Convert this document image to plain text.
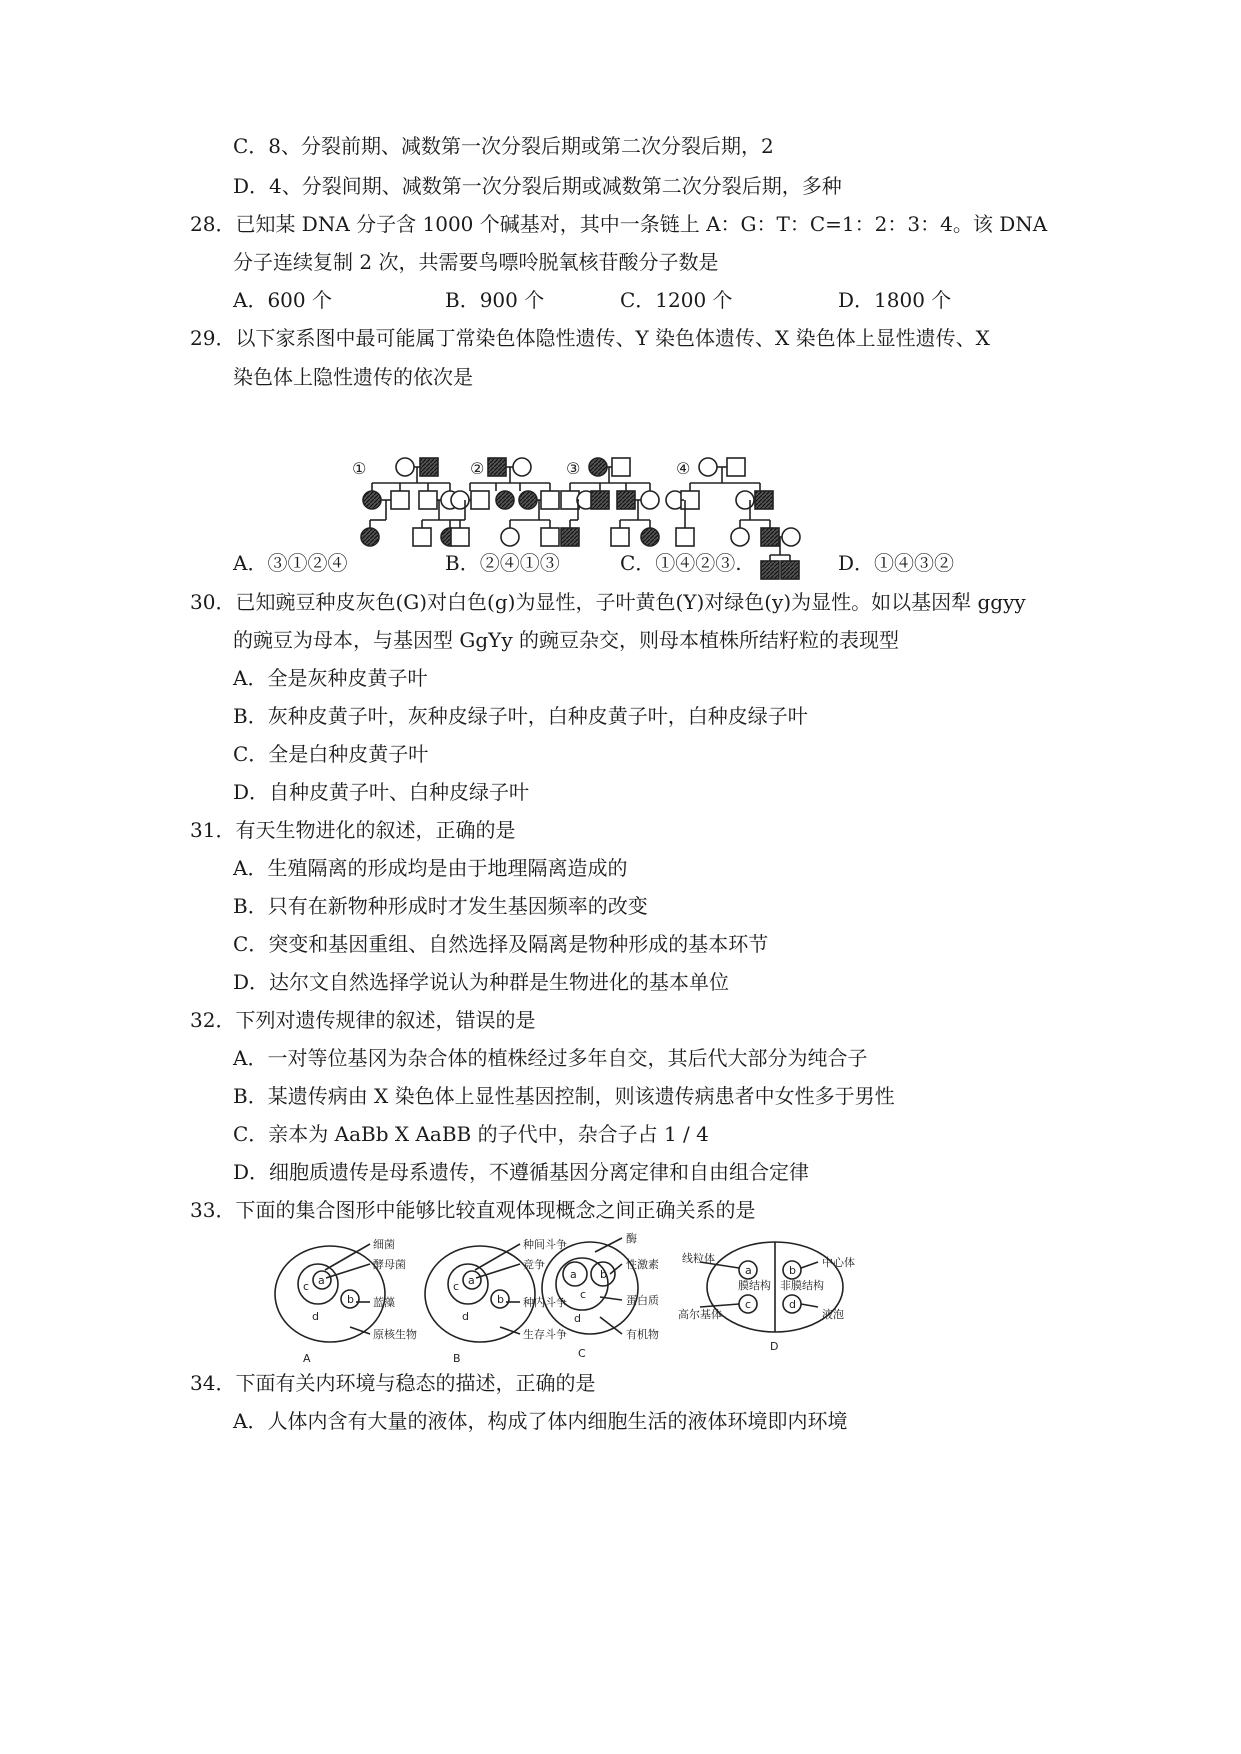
C．8、分裂前期、减数第一次分裂后期或第二次分裂后期，2
D．4、分裂间期、减数第一次分裂后期或减数第二次分裂后期，多种
28．已知某 DNA 分子含 1000 个碱基对，其中一条链上 A：G：T：C=1：2：3：4。该 DNA
分子连续复制 2 次，共需要鸟嘌呤脱氧核苷酸分子数是
A．600 个	B．900 个	C．1200 个	D．1800 个
29．以下家系图中最可能属丁常染色体隐性遗传、Y 染色体遗传、X 染色体上显性遗传、X
染色体上隐性遗传的依次是
①	②	③	④
A．③①②④	B．②④①③	C．①④②③.	D．①④③②
30．已知豌豆种皮灰色(G)对白色(g)为显性，子叶黄色(Y)对绿色(y)为显性。如以基因犁 ggyy
的豌豆为母本，与基因型 GgYy 的豌豆杂交，则母本植株所结籽粒的表现型
A．全是灰种皮黄子叶
B．灰种皮黄子叶，灰种皮绿子叶，白种皮黄子叶，白种皮绿子叶
C．全是白种皮黄子叶
D．自种皮黄子叶、白种皮绿子叶
31．有天生物进化的叙述，正确的是
A．生殖隔离的形成均是由于地理隔离造成的
B．只有在新物种形成时才发生基因频率的改变
C．突变和基因重组、自然选择及隔离是物种形成的基本环节
D．达尔文自然选择学说认为种群是生物进化的基本单位
32．下列对遗传规律的叙述，错误的是
A．一对等位基冈为杂合体的植株经过多年自交，其后代大部分为纯合子
B．某遗传病由 X 染色体上显性基因控制，则该遗传病患者中女性多于男性
C．亲本为 AaBb X AaBB 的子代中，杂合子占 1 / 4
D．细胞质遗传是母系遗传，不遵循基因分离定律和自由组合定律
33．下面的集合图形中能够比较直观体现概念之间正确关系的是
细菌
酵母菌
蓝藻
原核生物
a
b
c
d
A
种间斗争
竞争
种内斗争
生存斗争
a
b
c
d
B
酶
性激素
蛋白质
有机物
a b
c
d
C
线粒体
高尔基体
膜结构 非膜结构
中心体
液泡
a	b
c	d
D
34．下面有关内环境与稳态的描述，正确的是
A．人体内含有大量的液体，构成了体内细胞生活的液体环境即内环境
